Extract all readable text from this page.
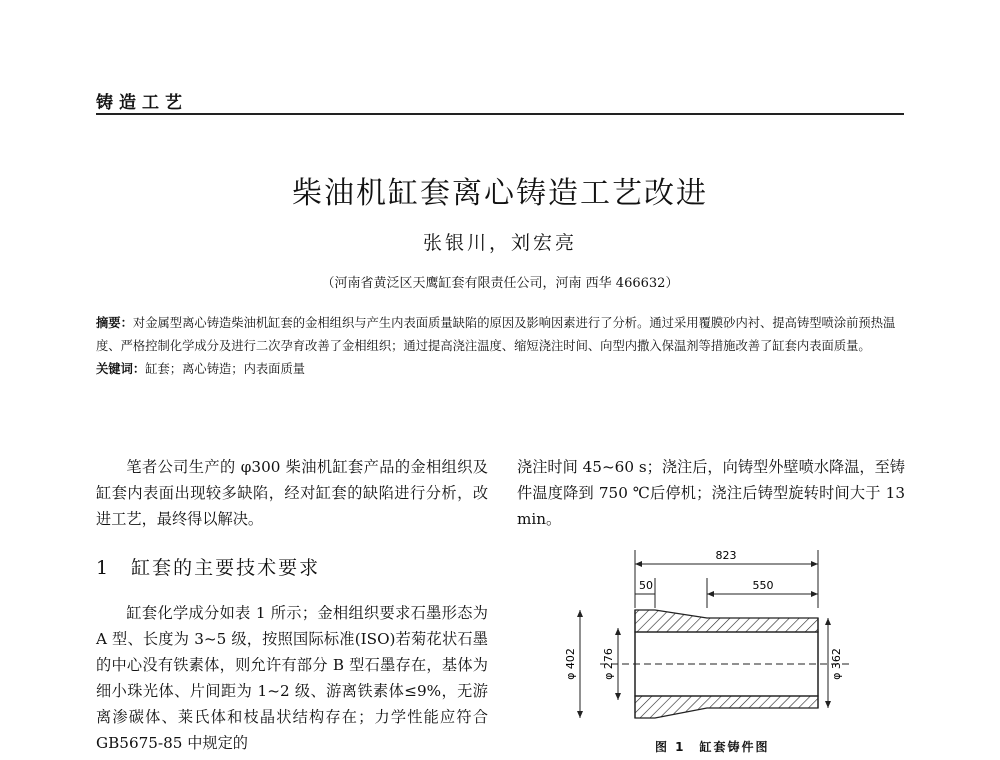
铸造工艺
柴油机缸套离心铸造工艺改进
张银川，刘宏亮
（河南省黄泛区天鹰缸套有限责任公司，河南 西华 466632）
摘要：对金属型离心铸造柴油机缸套的金相组织与产生内表面质量缺陷的原因及影响因素进行了分析。通过采用覆膜砂内衬、提高铸型喷涂前预热温度、严格控制化学成分及进行二次孕育改善了金相组织；通过提高浇注温度、缩短浇注时间、向型内撒入保温剂等措施改善了缸套内表面质量。
关键词：缸套；离心铸造；内表面质量
笔者公司生产的 φ300 柴油机缸套产品的金相组织及缸套内表面出现较多缺陷，经对缸套的缺陷进行分析，改进工艺，最终得以解决。
1　缸套的主要技术要求
缸套化学成分如表 1 所示；金相组织要求石墨形态为 A 型、长度为 3~5 级，按照国际标准(ISO)若菊花状石墨的中心没有铁素体，则允许有部分 B 型石墨存在，基体为细小珠光体、片间距为 1~2 级、游离铁素体≤9%，无游离渗碳体、莱氏体和枝晶状结构存在；力学性能应符合 GB5675-85 中规定的
浇注时间 45~60 s；浇注后，向铸型外壁喷水降温，至铸件温度降到 750 ℃后停机；浇注后铸型旋转时间大于 13 min。
823
50	550
φ 402 φ 276	φ 362
图 1　缸套铸件图
